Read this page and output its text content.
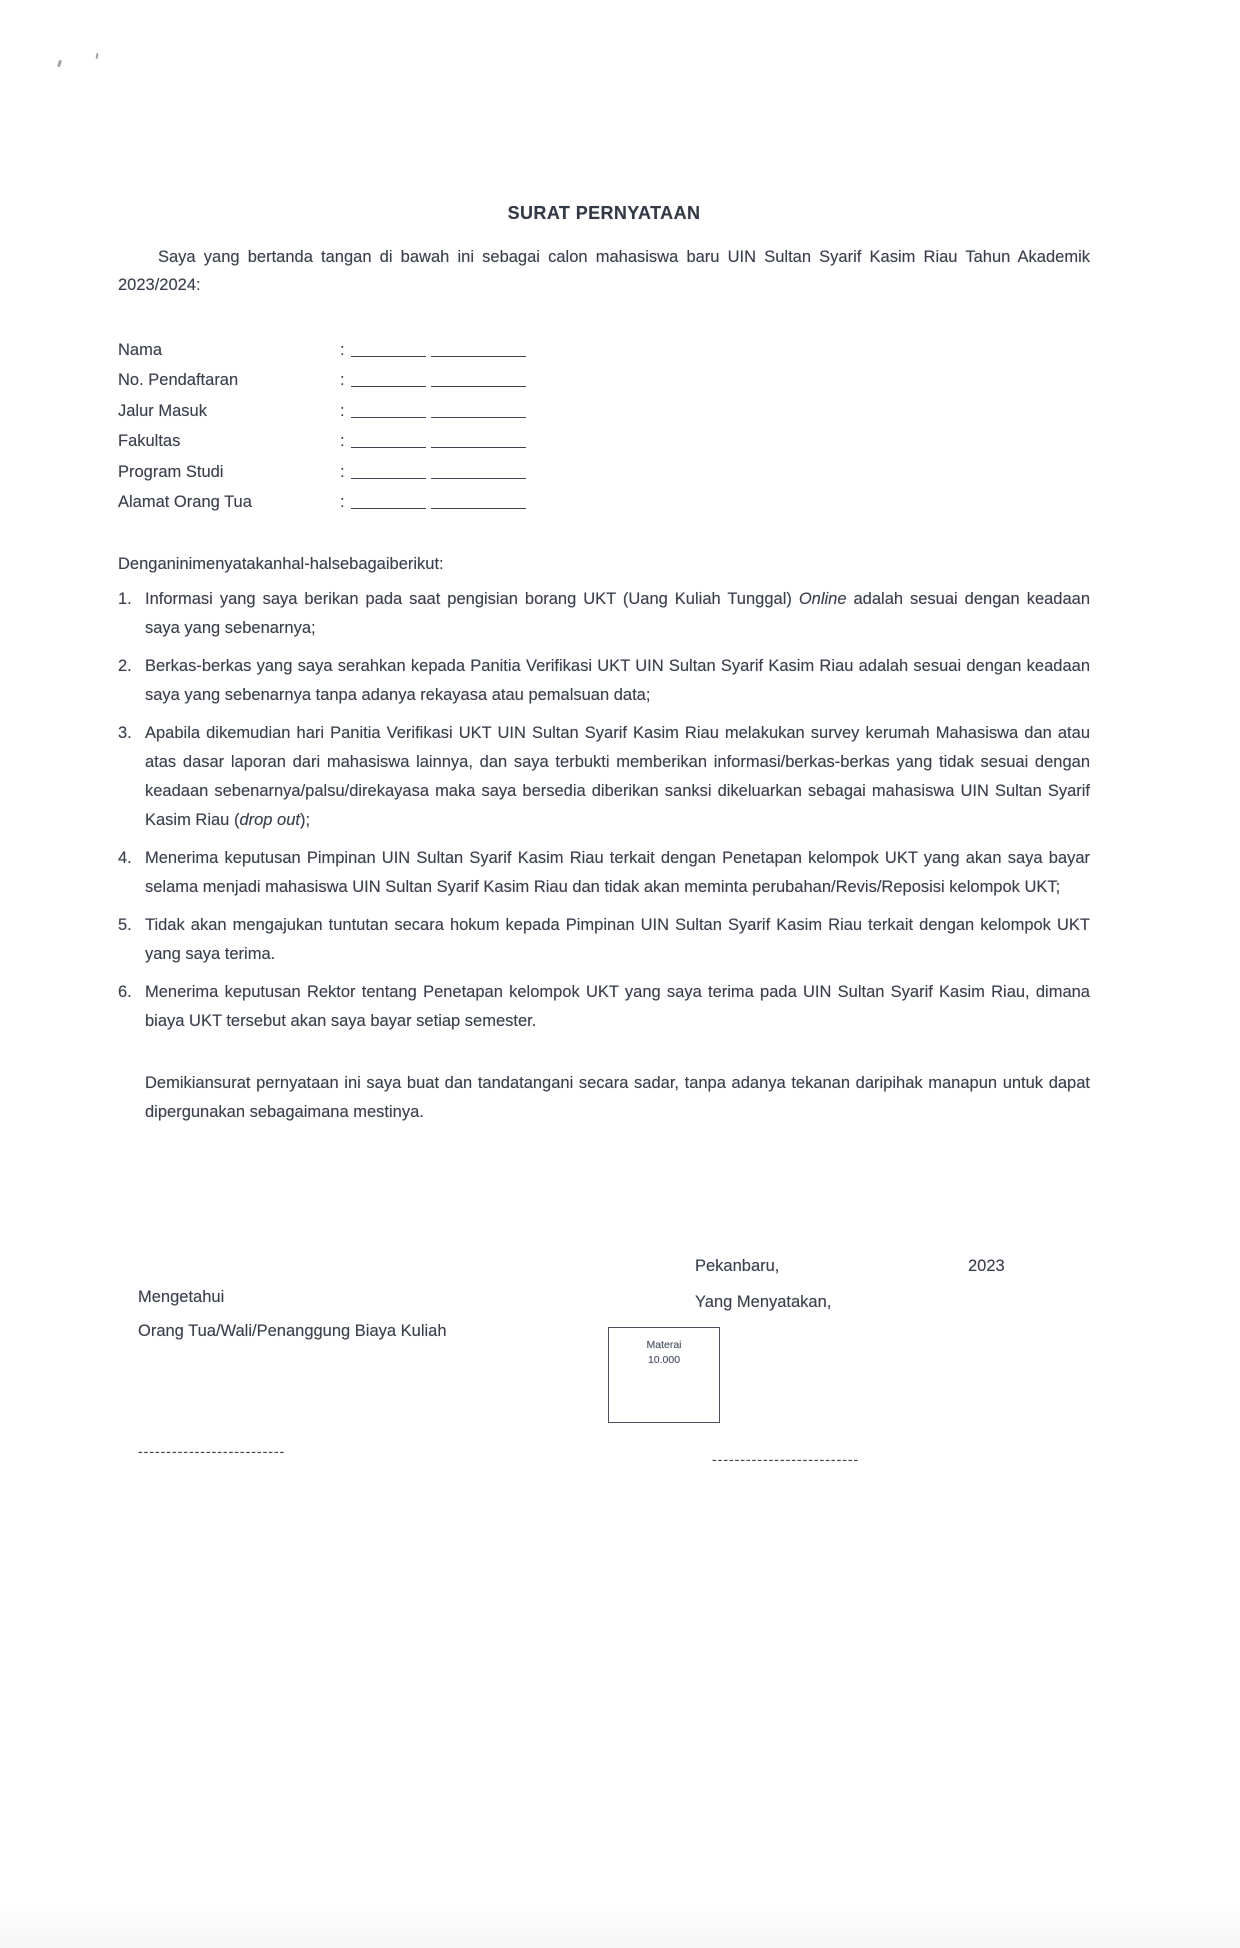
SURAT PERNYATAAN

Saya yang bertanda tangan di bawah ini sebagai calon mahasiswa baru UIN Sultan Syarif Kasim Riau Tahun Akademik 2023/2024:

Nama	:
No. Pendaftaran	:
Jalur Masuk	:
Fakultas	:
Program Studi	:
Alamat Orang Tua	:

Denganinimenyatakanhal-halsebagaiberikut:

1. Informasi yang saya berikan pada saat pengisian borang UKT (Uang Kuliah Tunggal) Online adalah sesuai dengan keadaan saya yang sebenarnya;
2. Berkas-berkas yang saya serahkan kepada Panitia Verifikasi UKT UIN Sultan Syarif Kasim Riau adalah sesuai dengan keadaan saya yang sebenarnya tanpa adanya rekayasa atau pemalsuan data;
3. Apabila dikemudian hari Panitia Verifikasi UKT UIN Sultan Syarif Kasim Riau melakukan survey kerumah Mahasiswa dan atau atas dasar laporan dari mahasiswa lainnya, dan saya terbukti memberikan informasi/berkas-berkas yang tidak sesuai dengan keadaan sebenarnya/palsu/direkayasa maka saya bersedia diberikan sanksi dikeluarkan sebagai mahasiswa UIN Sultan Syarif Kasim Riau (drop out);
4. Menerima keputusan Pimpinan UIN Sultan Syarif Kasim Riau terkait dengan Penetapan kelompok UKT yang akan saya bayar selama menjadi mahasiswa UIN Sultan Syarif Kasim Riau dan tidak akan meminta perubahan/Revis/Reposisi kelompok UKT;
5. Tidak akan mengajukan tuntutan secara hokum kepada Pimpinan UIN Sultan Syarif Kasim Riau terkait dengan kelompok UKT yang saya terima.
6. Menerima keputusan Rektor tentang Penetapan kelompok UKT yang saya terima pada UIN Sultan Syarif Kasim Riau, dimana biaya UKT tersebut akan saya bayar setiap semester.

Demikiansurat pernyataan ini saya buat dan tandatangani secara sadar, tanpa adanya tekanan daripihak manapun untuk dapat dipergunakan sebagaimana mestinya.

Pekanbaru,	2023
Yang Menyatakan,
Mengetahui
Orang Tua/Wali/Penanggung Biaya Kuliah
Materai
10.000
--------------------------	--------------------------
